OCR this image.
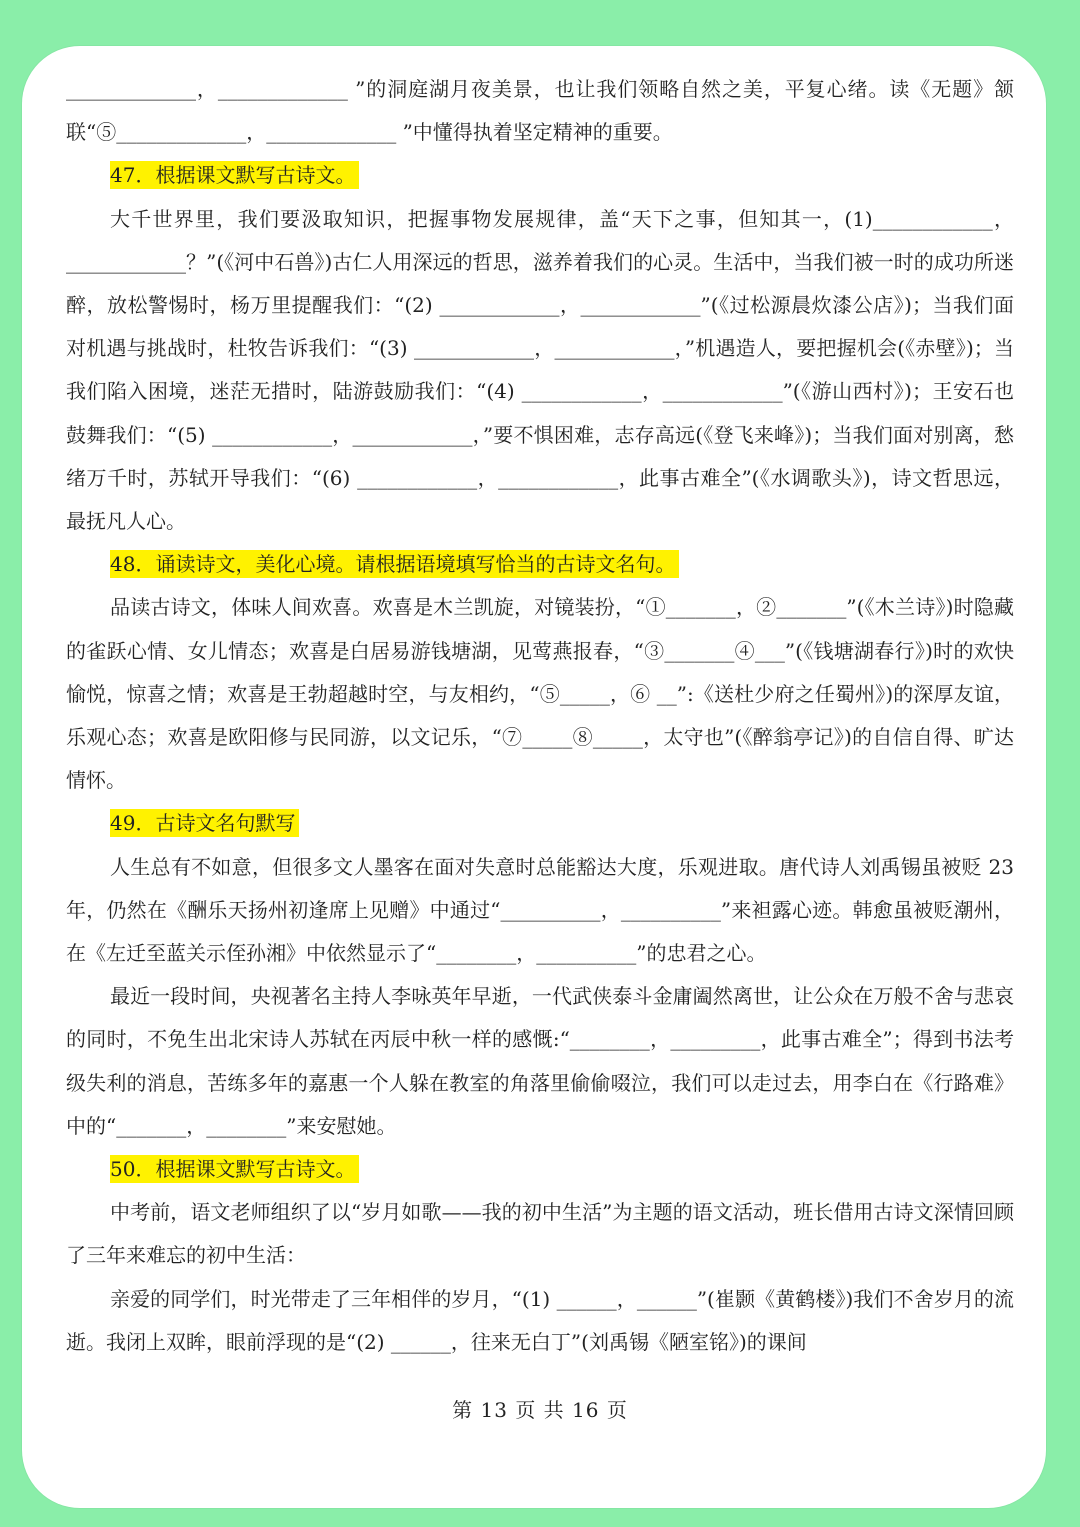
_____________，_____________ ”的洞庭湖月夜美景，也让我们领略自然之美，平复心绪。读《无题》颔联“⑤_____________，_____________ ”中懂得执着坚定精神的重要。

47．根据课文默写古诗文。

大千世界里，我们要汲取知识，把握事物发展规律，盖“天下之事，但知其一，(1)____________，____________？”(《河中石兽》)古仁人用深远的哲思，滋养着我们的心灵。生活中，当我们被一时的成功所迷醉，放松警惕时，杨万里提醒我们：“(2) ____________，____________”(《过松源晨炊漆公店》)；当我们面对机遇与挑战时，杜牧告诉我们：“(3) ____________，____________，”机遇造人，要把握机会(《赤壁》)；当我们陷入困境，迷茫无措时，陆游鼓励我们：“(4) ____________，____________”(《游山西村》)；王安石也鼓舞我们：“(5) ____________，____________，”要不惧困难，志存高远(《登飞来峰》)；当我们面对别离，愁绪万千时，苏轼开导我们：“(6) ____________，____________，此事古难全”(《水调歌头》)，诗文哲思远，最抚凡人心。

48．诵读诗文，美化心境。请根据语境填写恰当的古诗文名句。

品读古诗文，体味人间欢喜。欢喜是木兰凯旋，对镜装扮，“①_______，②_______”(《木兰诗》)时隐藏的雀跃心情、女儿情态；欢喜是白居易游钱塘湖，见莺燕报春，“③_______④___”(《钱塘湖春行》)时的欢快愉悦，惊喜之情；欢喜是王勃超越时空，与友相约，“⑤_____，⑥ __”:《送杜少府之任蜀州》)的深厚友谊，乐观心态；欢喜是欧阳修与民同游，以文记乐，“⑦_____⑧_____，太守也”(《醉翁亭记》)的自信自得、旷达情怀。

49．古诗文名句默写

人生总有不如意，但很多文人墨客在面对失意时总能豁达大度，乐观进取。唐代诗人刘禹锡虽被贬 23 年，仍然在《酬乐天扬州初逢席上见赠》中通过“__________，__________”来袒露心迹。韩愈虽被贬潮州，在《左迁至蓝关示侄孙湘》中依然显示了“________，__________”的忠君之心。

最近一段时间，央视著名主持人李咏英年早逝，一代武侠泰斗金庸阖然离世，让公众在万般不舍与悲哀的同时，不免生出北宋诗人苏轼在丙辰中秋一样的感慨:“________，_________，此事古难全”；得到书法考级失利的消息，苦练多年的嘉惠一个人躲在教室的角落里偷偷啜泣，我们可以走过去，用李白在《行路难》中的“_______，________”来安慰她。

50．根据课文默写古诗文。

中考前，语文老师组织了以“岁月如歌——我的初中生活”为主题的语文活动，班长借用古诗文深情回顾了三年来难忘的初中生活：

亲爱的同学们，时光带走了三年相伴的岁月，“(1) ______，______”(崔颢《黄鹤楼》)我们不舍岁月的流逝。我闭上双眸，眼前浮现的是“(2) ______，往来无白丁”(刘禹锡《陋室铭》)的课间

第 13 页 共 16 页
